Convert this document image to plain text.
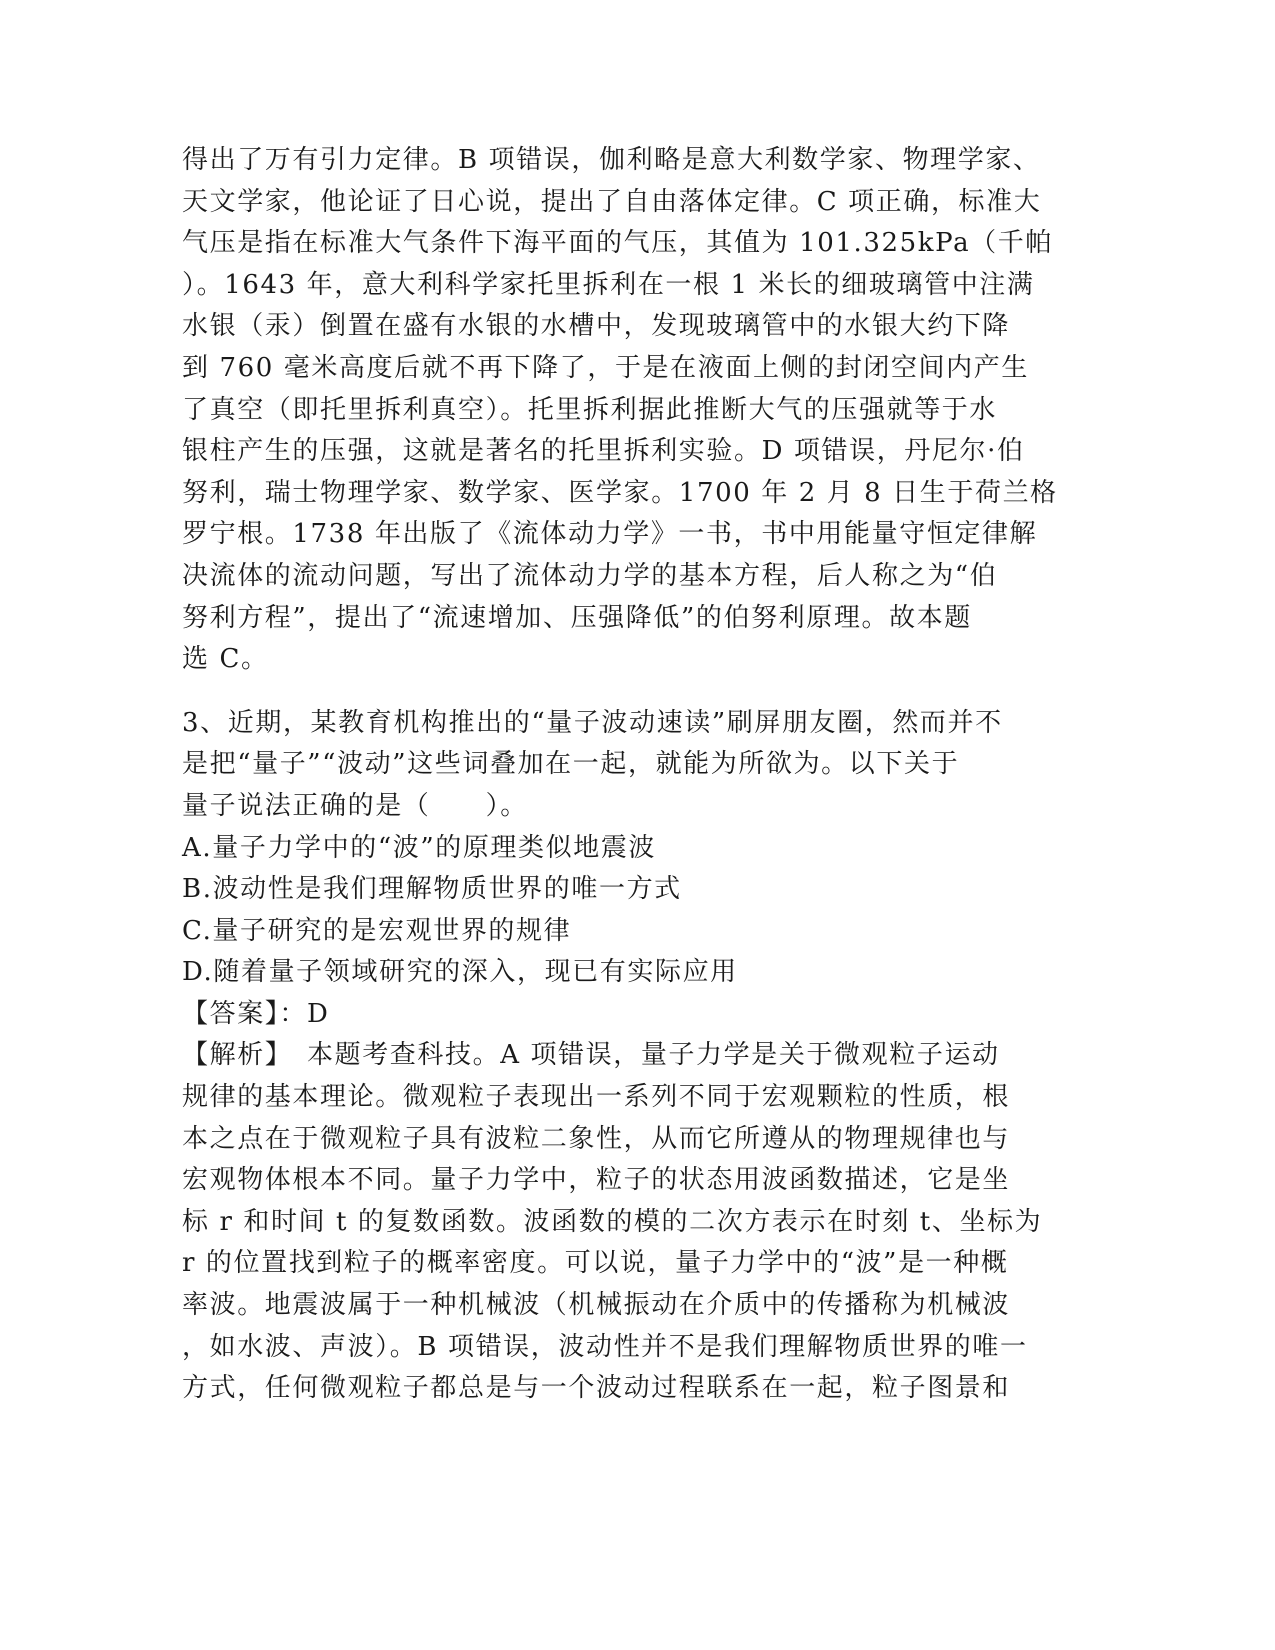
得出了万有引力定律。B 项错误，伽利略是意大利数学家、物理学家、
天文学家，他论证了日心说，提出了自由落体定律。C 项正确，标准大
气压是指在标准大气条件下海平面的气压，其值为 101.325kPa（千帕
）。1643 年，意大利科学家托里拆利在一根 1 米长的细玻璃管中注满
水银（汞）倒置在盛有水银的水槽中，发现玻璃管中的水银大约下降
到 760 毫米高度后就不再下降了，于是在液面上侧的封闭空间内产生
了真空（即托里拆利真空）。托里拆利据此推断大气的压强就等于水
银柱产生的压强，这就是著名的托里拆利实验。D 项错误，丹尼尔·伯
努利，瑞士物理学家、数学家、医学家。1700 年 2 月 8 日生于荷兰格
罗宁根。1738 年出版了《流体动力学》一书，书中用能量守恒定律解
决流体的流动问题，写出了流体动力学的基本方程，后人称之为“伯
努利方程”，提出了“流速增加、压强降低”的伯努利原理。故本题
选 C。
3、近期，某教育机构推出的“量子波动速读”刷屏朋友圈，然而并不
是把“量子”“波动”这些词叠加在一起，就能为所欲为。以下关于
量子说法正确的是（　　）。
A.量子力学中的“波”的原理类似地震波
B.波动性是我们理解物质世界的唯一方式
C.量子研究的是宏观世界的规律
D.随着量子领域研究的深入，现已有实际应用
【答案】：D
【解析】　本题考查科技。A 项错误，量子力学是关于微观粒子运动
规律的基本理论。微观粒子表现出一系列不同于宏观颗粒的性质，根
本之点在于微观粒子具有波粒二象性，从而它所遵从的物理规律也与
宏观物体根本不同。量子力学中，粒子的状态用波函数描述，它是坐
标 r 和时间 t 的复数函数。波函数的模的二次方表示在时刻 t、坐标为
r 的位置找到粒子的概率密度。可以说，量子力学中的“波”是一种概
率波。地震波属于一种机械波（机械振动在介质中的传播称为机械波
，如水波、声波）。B 项错误，波动性并不是我们理解物质世界的唯一
方式，任何微观粒子都总是与一个波动过程联系在一起，粒子图景和
